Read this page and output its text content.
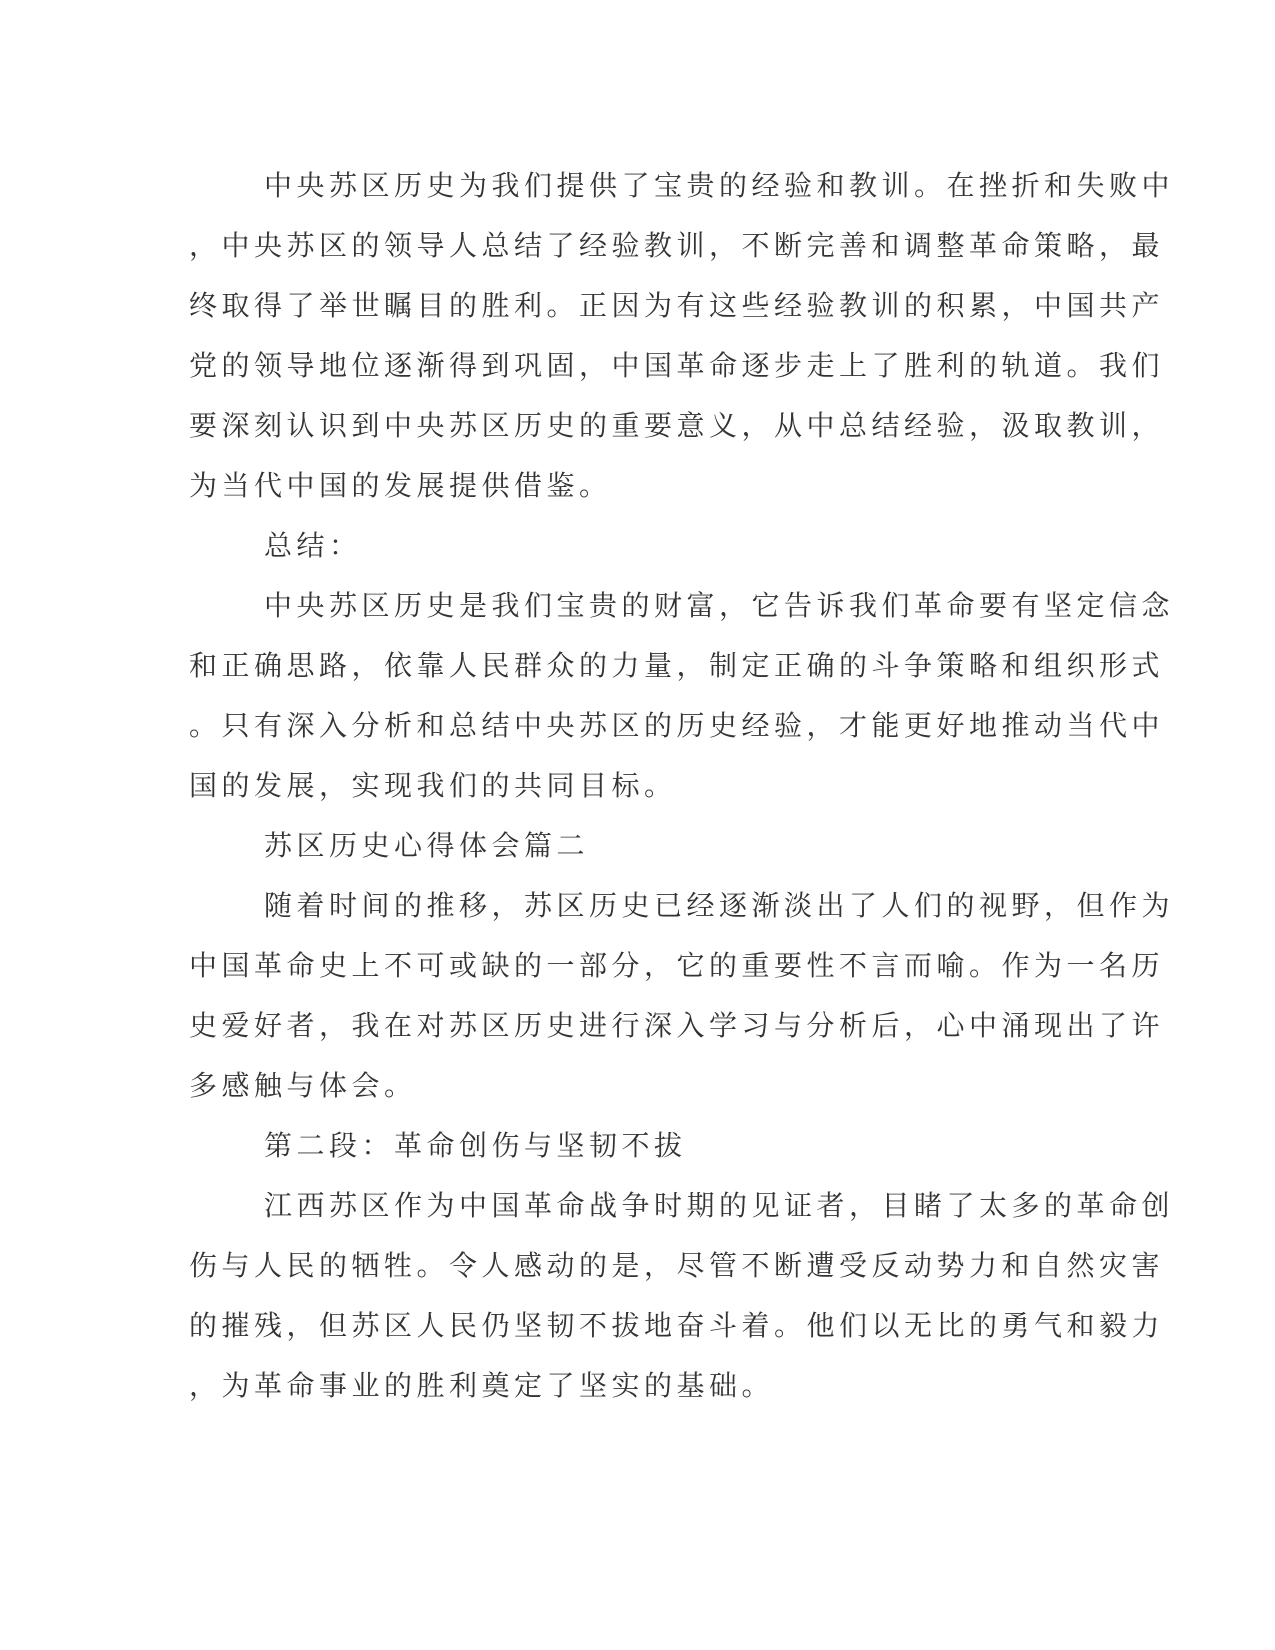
中央苏区历史为我们提供了宝贵的经验和教训。在挫折和失败中
，中央苏区的领导人总结了经验教训，不断完善和调整革命策略，最
终取得了举世瞩目的胜利。正因为有这些经验教训的积累，中国共产
党的领导地位逐渐得到巩固，中国革命逐步走上了胜利的轨道。我们
要深刻认识到中央苏区历史的重要意义，从中总结经验，汲取教训，
为当代中国的发展提供借鉴。
总结：
中央苏区历史是我们宝贵的财富，它告诉我们革命要有坚定信念
和正确思路，依靠人民群众的力量，制定正确的斗争策略和组织形式
。只有深入分析和总结中央苏区的历史经验，才能更好地推动当代中
国的发展，实现我们的共同目标。
苏区历史心得体会篇二
随着时间的推移，苏区历史已经逐渐淡出了人们的视野，但作为
中国革命史上不可或缺的一部分，它的重要性不言而喻。作为一名历
史爱好者，我在对苏区历史进行深入学习与分析后，心中涌现出了许
多感触与体会。
第二段：革命创伤与坚韧不拔
江西苏区作为中国革命战争时期的见证者，目睹了太多的革命创
伤与人民的牺牲。令人感动的是，尽管不断遭受反动势力和自然灾害
的摧残，但苏区人民仍坚韧不拔地奋斗着。他们以无比的勇气和毅力
，为革命事业的胜利奠定了坚实的基础。
